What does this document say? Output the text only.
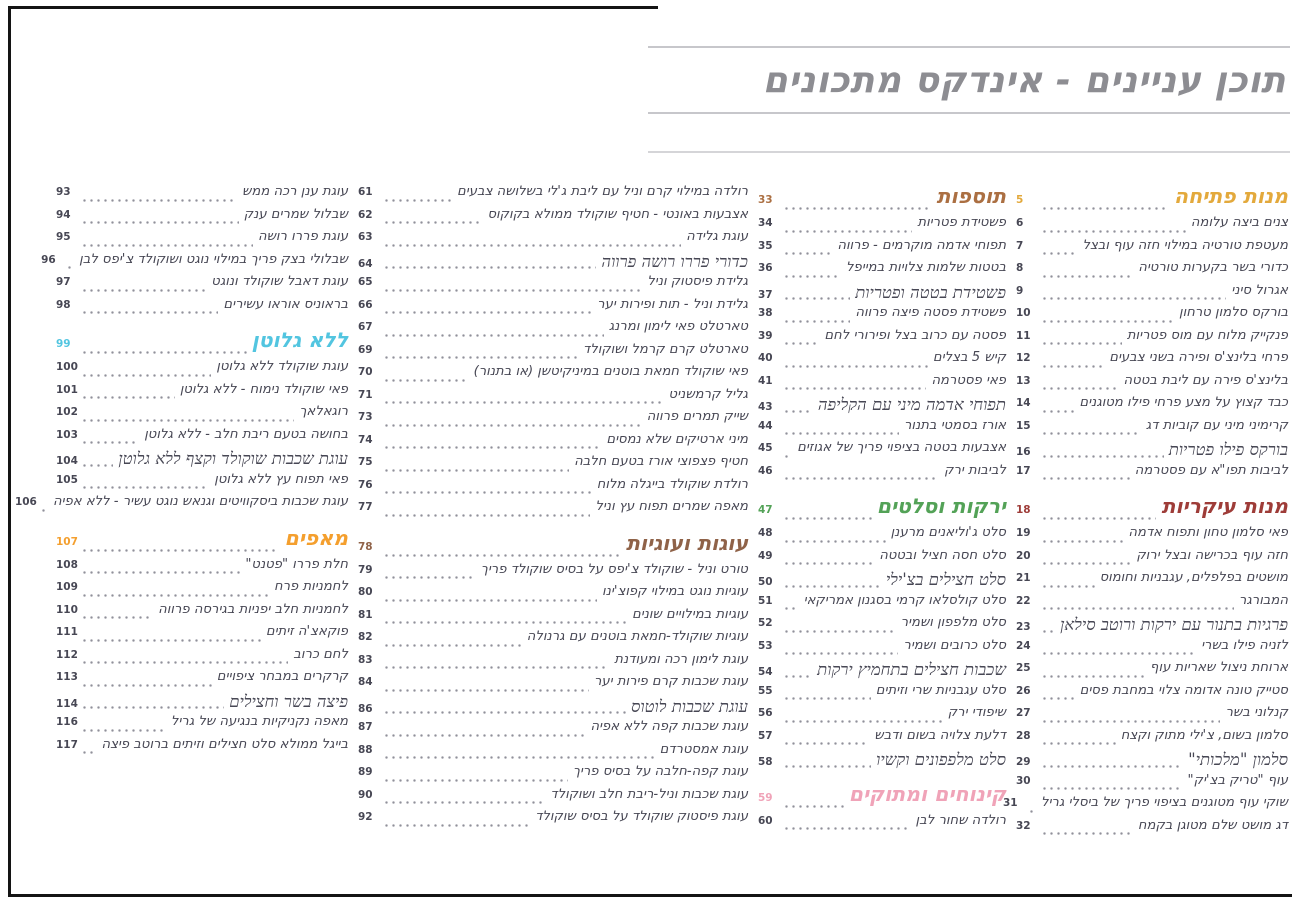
תוכן עניינים - אינדקס מתכונים
מנות פתיחה
5
צנים ביצה עלומה
6
מעטפת טורטיה במילוי חזה עוף ובצל
7
כדורי בשר בקערות טורטיה
8
אגרול סיני
9
בורקס סלמון טרחון
10
פנקייק מלוח עם מוס פטריות
11
פרחי בלינצ'ס ופירה בשני צבעים
12
בלינצ'ס פירה עם ליבת בטטה
13
כבד קצוץ על מצע פרחי פילו מטוגנים
14
קרימיני מיני עם קוביות דג
15
בורקס פילו פטריות
16
לביבות תפו"א עם פסטרמה
17
מנות עיקריות
18
פאי סלמון טחון ותפוח אדמה
19
חזה עוף בכרישה ובצל ירוק
20
מושטים בפלפלים, עגבניות וחומוס
21
המבורגר
22
פרגיות בתנור עם ירקות ורוטב סילאן
23
לזניה פילו בשרי
24
ארוחת ניצול שאריות עוף
25
סטייק טונה אדומה צלוי במחבת פסים
26
קנלוני בשר
27
סלמון בשום, צ'ילי מתוק וקצח
28
סלמון "מלכותי"
29
עוף "טריק בצ'יק"
30
שוקי עוף מטוגנים בציפוי פריך של ביסלי גריל
31
דג מושט שלם מטוגן בקמח
32
תוספות
33
פשטידת פטריות
34
תפוחי אדמה מוקרמים - פרווה
35
בטטות שלמות צלויות במייפל
36
פשטידת בטטה ופטריות
37
פשטידת פסטה פיצה פרווה
38
פסטה עם כרוב בצל ופירורי לחם
39
קיש 5 בצלים
40
פאי פסטרמה
41
תפוחי אדמה מיני עם הקליפה
43
אורז בסמטי בתנור
44
אצבעות בטטה בציפוי פריך של אגוזים
45
לביבות ירק
46
ירקות וסלטים
47
סלט ג'וליאנים מרענן
48
סלט חסה חציל ובטטה
49
סלט חצילים בצ'ילי
50
סלט קולסלאו קרמי בסגנון אמריקאי
51
סלט מלפפון ושמיר
52
סלט כרובים ושמיר
53
שכבות חצילים בתחמיץ ירקות
54
סלט עגבניות שרי וזיתים
55
שיפודי ירק
56
דלעת צלויה בשום ודבש
57
סלט מלפפונים וקשיו
58
קינוחים ומתוקים
59
רולדה שחור לבן
60
רולדה במילוי קרם וניל עם ליבת ג'לי בשלושה צבעים
61
אצבעות באונטי - חטיף שוקולד ממולא בקוקוס
62
עוגת גלידה
63
כדורי פררו רושה פרווה
64
גלידת פיסטוק וניל
65
גלידת וניל - תות ופירות יער
66
טארטלט פאי לימון ומרנג
67
טארטלט קרם קרמל ושוקולד
69
פאי שוקולד חמאת בוטנים במיניקיטשן (או בתנור)
70
גליל קרמשניט
71
שייק תמרים פרווה
73
מיני ארטיקים שלא נמסים
74
חטיף פצפוצי אורז בטעם חלבה
75
רולדת שוקולד בייגלה מלוח
76
מאפה שמרים תפוח עץ וניל
77
עוגות ועוגיות
78
טורט וניל - שוקולד צ'יפס על בסיס שוקולד פריך
79
עוגיות נוגט במילוי קפוצ'ינו
80
עוגיות במילויים שונים
81
עוגיות שוקולד-חמאת בוטנים עם גרנולה
82
עוגת לימון רכה ומעודנת
83
עוגת שכבות קרם פירות יער
84
עוגת שכבות לוטוס
86
עוגת שכבות קפה ללא אפיה
87
עוגת אמסטרדם
88
עוגת קפה-חלבה על בסיס פריך
89
עוגת שכבות וניל-ריבת חלב ושוקולד
90
עוגת פיסטוק שוקולד על בסיס שוקולד
92
עוגת ענן רכה ממש
93
שבלול שמרים ענק
94
עוגת פררו רושה
95
שבלולי בצק פריך במילוי נוגט ושוקולד צ'יפס לבן
96
עוגת דאבל שוקולד ונוגט
97
בראוניס אוראו עשירים
98
ללא גלוטן
99
עוגת שוקולד ללא גלוטן
100
פאי שוקולד נימוח - ללא גלוטן
101
רוגאלאך
102
בחושה בטעם ריבת חלב - ללא גלוטן
103
עוגת שכבות שוקולד וקצף ללא גלוטן
104
פאי תפוח עץ ללא גלוטן
105
עוגת שכבות ביסקוויטים וגנאש נוגט עשיר - ללא אפיה
106
מאפים
107
חלת פררו "פטנט"
108
לחמניות פרח
109
לחמניות חלב יפניות בגירסה פרווה
110
פוקאצ'ה זיתים
111
לחם כרוב
112
קרקרים במבחר ציפויים
113
פיצה בשר וחצילים
114
מאפה נקניקיות בנגיעה של גריל
116
בייגל ממולא סלט חצילים וזיתים ברוטב פיצה
117
